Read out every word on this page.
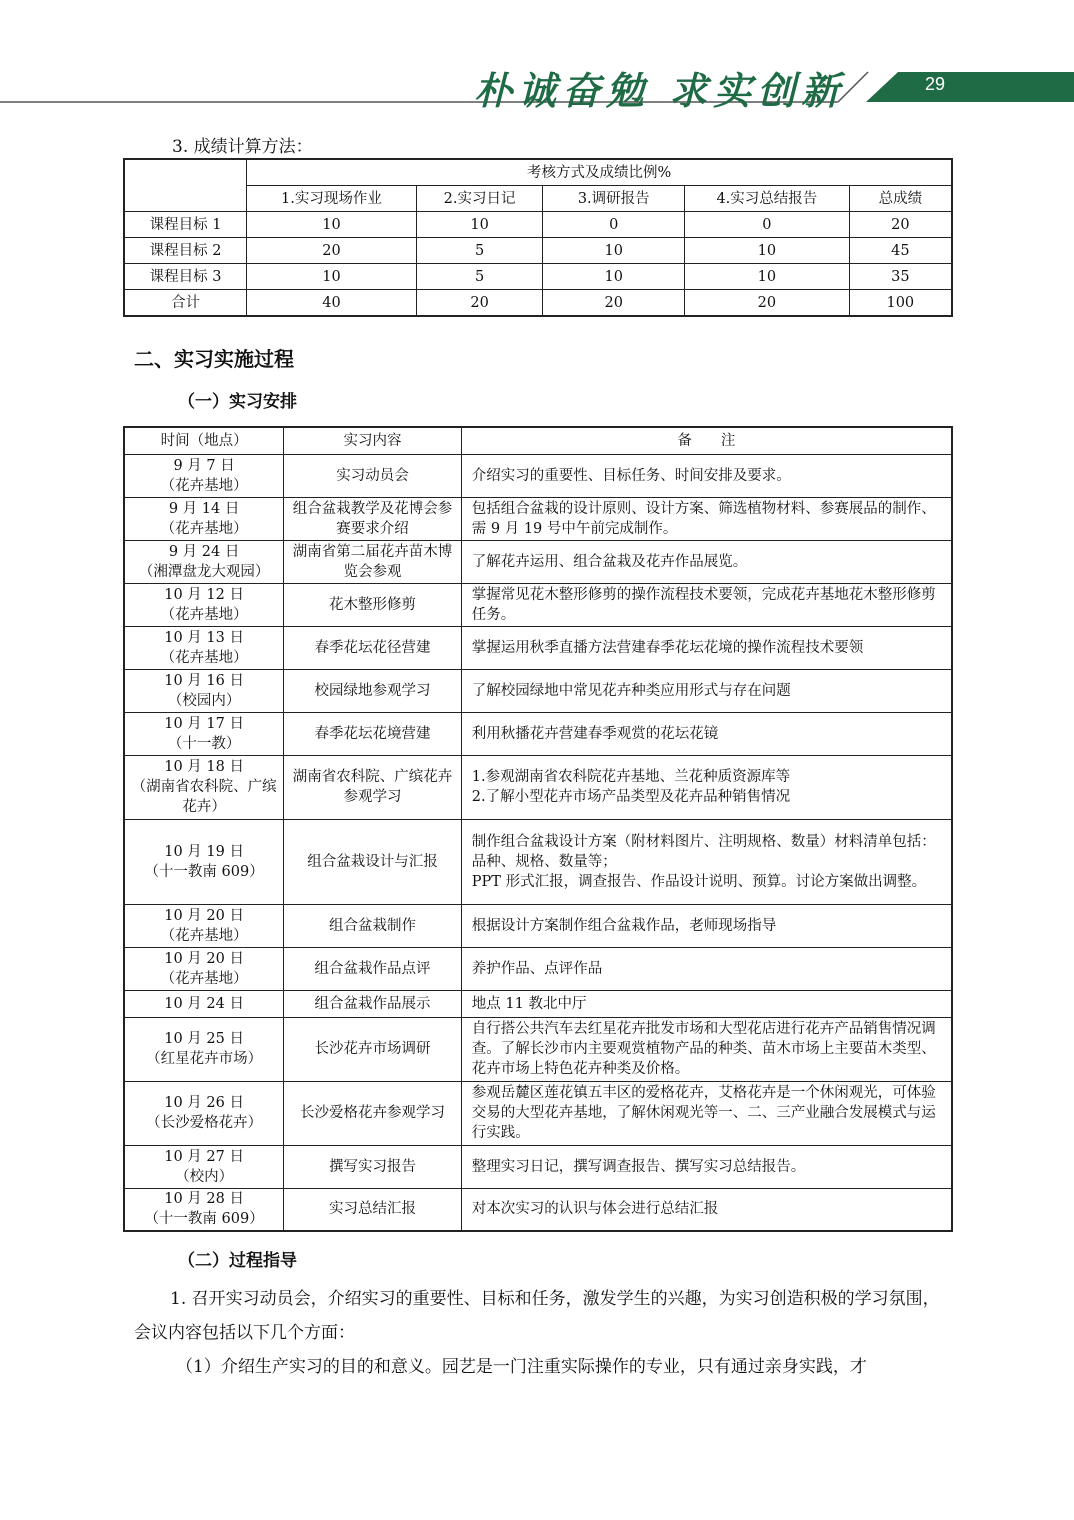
朴诚奋勉 求实创新	29
3. 成绩计算方法：
	考核方式及成绩比例%				
	1.实习现场作业	2.实习日记	3.调研报告	4.实习总结报告	总成绩
课程目标 1	10	10	0	0	20
课程目标 2	20	5	10	10	45
课程目标 3	10	5	10	10	35
合计	40	20	20	20	100
二、实习实施过程
（一）实习安排
时间（地点）	实习内容	备　　注
9 月 7 日
（花卉基地）	实习动员会	介绍实习的重要性、目标任务、时间安排及要求。
9 月 14 日
（花卉基地）	组合盆栽教学及花博会参赛要求介绍	包括组合盆栽的设计原则、设计方案、筛选植物材料、参赛展品的制作、需 9 月 19 号中午前完成制作。
9 月 24 日
（湘潭盘龙大观园）	湖南省第二届花卉苗木博览会参观	了解花卉运用、组合盆栽及花卉作品展览。
10 月 12 日
（花卉基地）	花木整形修剪	掌握常见花木整形修剪的操作流程技术要领，完成花卉基地花木整形修剪任务。
10 月 13 日
（花卉基地）	春季花坛花径营建	掌握运用秋季直播方法营建春季花坛花境的操作流程技术要领
10 月 16 日
（校园内）	校园绿地参观学习	了解校园绿地中常见花卉种类应用形式与存在问题
10 月 17 日
（十一教）	春季花坛花境营建	利用秋播花卉营建春季观赏的花坛花镜
10 月 18 日
（湖南省农科院、广缤花卉）	湖南省农科院、广缤花卉参观学习	1.参观湖南省农科院花卉基地、兰花种质资源库等
2.了解小型花卉市场产品类型及花卉品种销售情况
10 月 19 日
（十一教南 609）	组合盆栽设计与汇报	制作组合盆栽设计方案（附材料图片、注明规格、数量）材料清单包括：品种、规格、数量等；
PPT 形式汇报，调查报告、作品设计说明、预算。讨论方案做出调整。
10 月 20 日
（花卉基地）	组合盆栽制作	根据设计方案制作组合盆栽作品，老师现场指导
10 月 20 日
（花卉基地）	组合盆栽作品点评	养护作品、点评作品
10 月 24 日	组合盆栽作品展示	地点 11 教北中厅
10 月 25 日
（红星花卉市场）	长沙花卉市场调研	自行搭公共汽车去红星花卉批发市场和大型花店进行花卉产品销售情况调查。了解长沙市内主要观赏植物产品的种类、苗木市场上主要苗木类型、花卉市场上特色花卉种类及价格。
10 月 26 日
（长沙爱格花卉）	长沙爱格花卉参观学习	参观岳麓区莲花镇五丰区的爱格花卉，艾格花卉是一个休闲观光，可体验交易的大型花卉基地，了解休闲观光等一、二、三产业融合发展模式与运行实践。
10 月 27 日
（校内）	撰写实习报告	整理实习日记，撰写调查报告、撰写实习总结报告。
10 月 28 日
（十一教南 609）	实习总结汇报	对本次实习的认识与体会进行总结汇报
（二）过程指导
1. 召开实习动员会，介绍实习的重要性、目标和任务，激发学生的兴趣，为实习创造积极的学习氛围，会议内容包括以下几个方面：
（1）介绍生产实习的目的和意义。园艺是一门注重实际操作的专业，只有通过亲身实践，才
